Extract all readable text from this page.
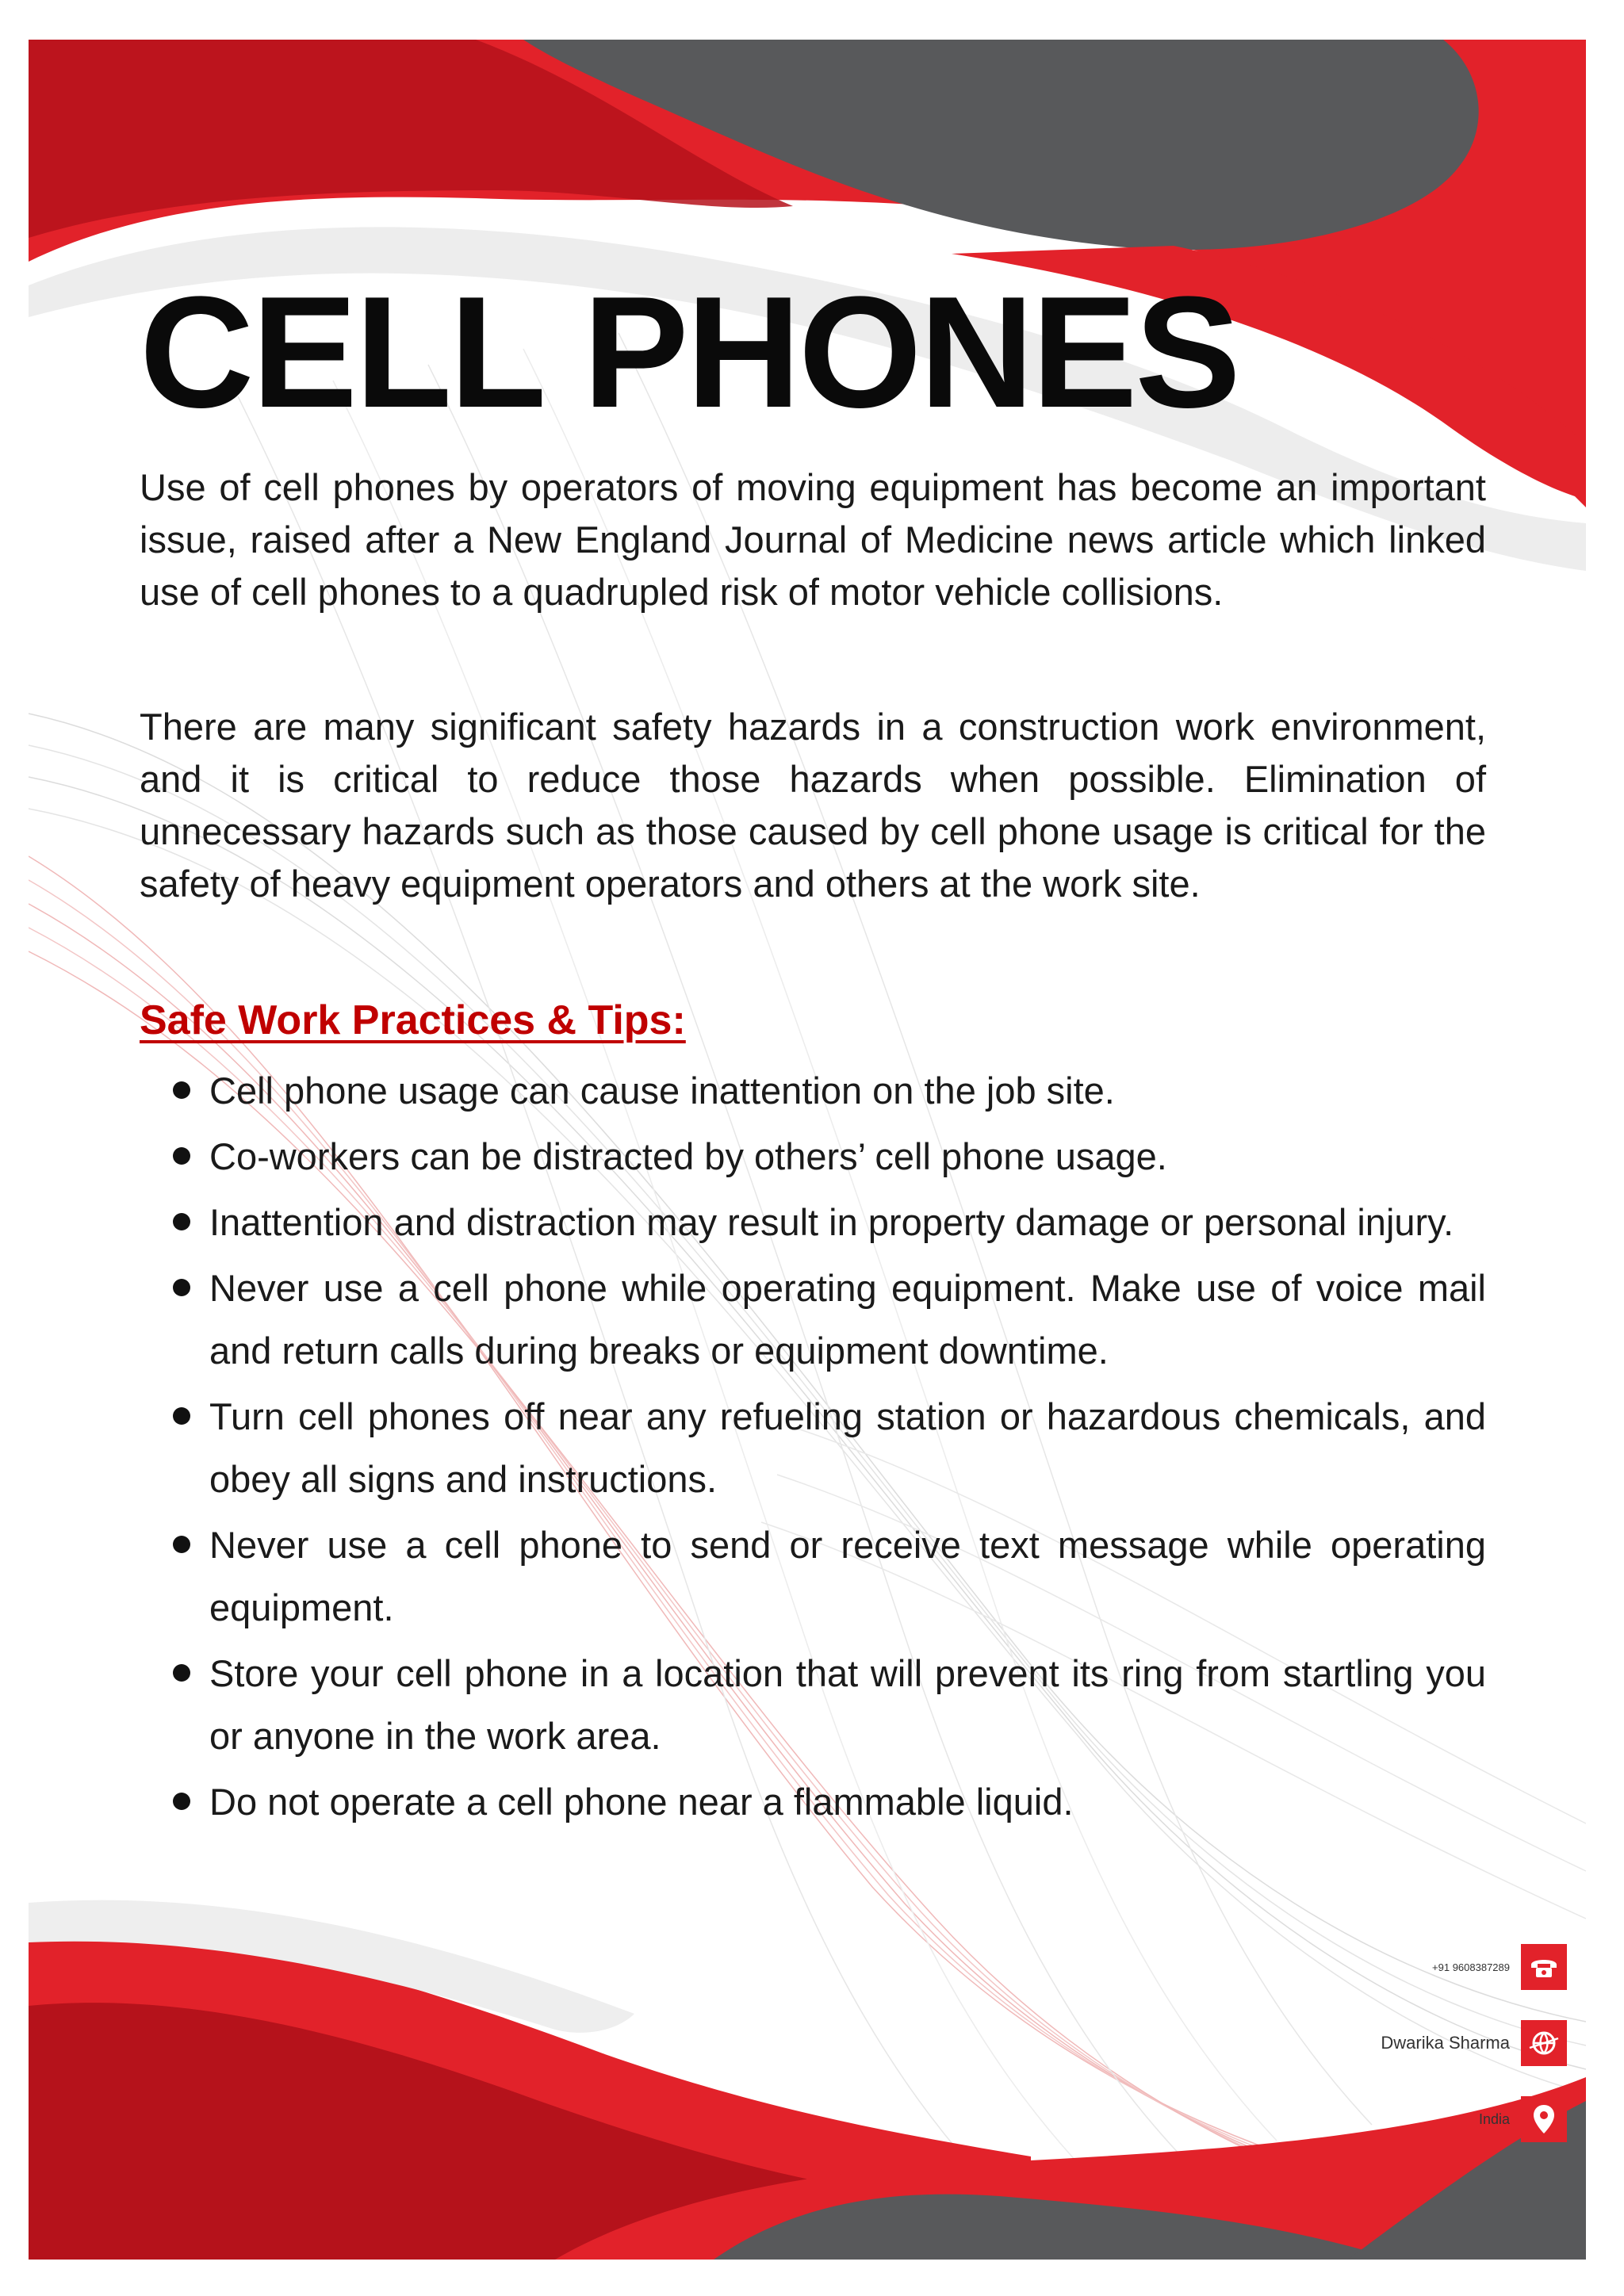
CELL PHONES

Use of cell phones by operators of moving equipment has become an important issue, raised after a New England Journal of Medicine news article which linked use of cell phones to a quadrupled risk of motor vehicle collisions.

There are many significant safety hazards in a construction work environment, and it is critical to reduce those hazards when possible. Elimination of unnecessary hazards such as those caused by cell phone usage is critical for the safety of heavy equipment operators and others at the work site.

Safe Work Practices & Tips:
Cell phone usage can cause inattention on the job site.
Co-workers can be distracted by others’ cell phone usage.
Inattention and distraction may result in property damage or personal injury.
Never use a cell phone while operating equipment. Make use of voice mail and return calls during breaks or equipment downtime.
Turn cell phones off near any refueling station or hazardous chemicals, and obey all signs and instructions.
Never use a cell phone to send or receive text message while operating equipment.
Store your cell phone in a location that will prevent its ring from startling you or anyone in the work area.
Do not operate a cell phone near a flammable liquid.
+91 9608387289
Dwarika Sharma
India
